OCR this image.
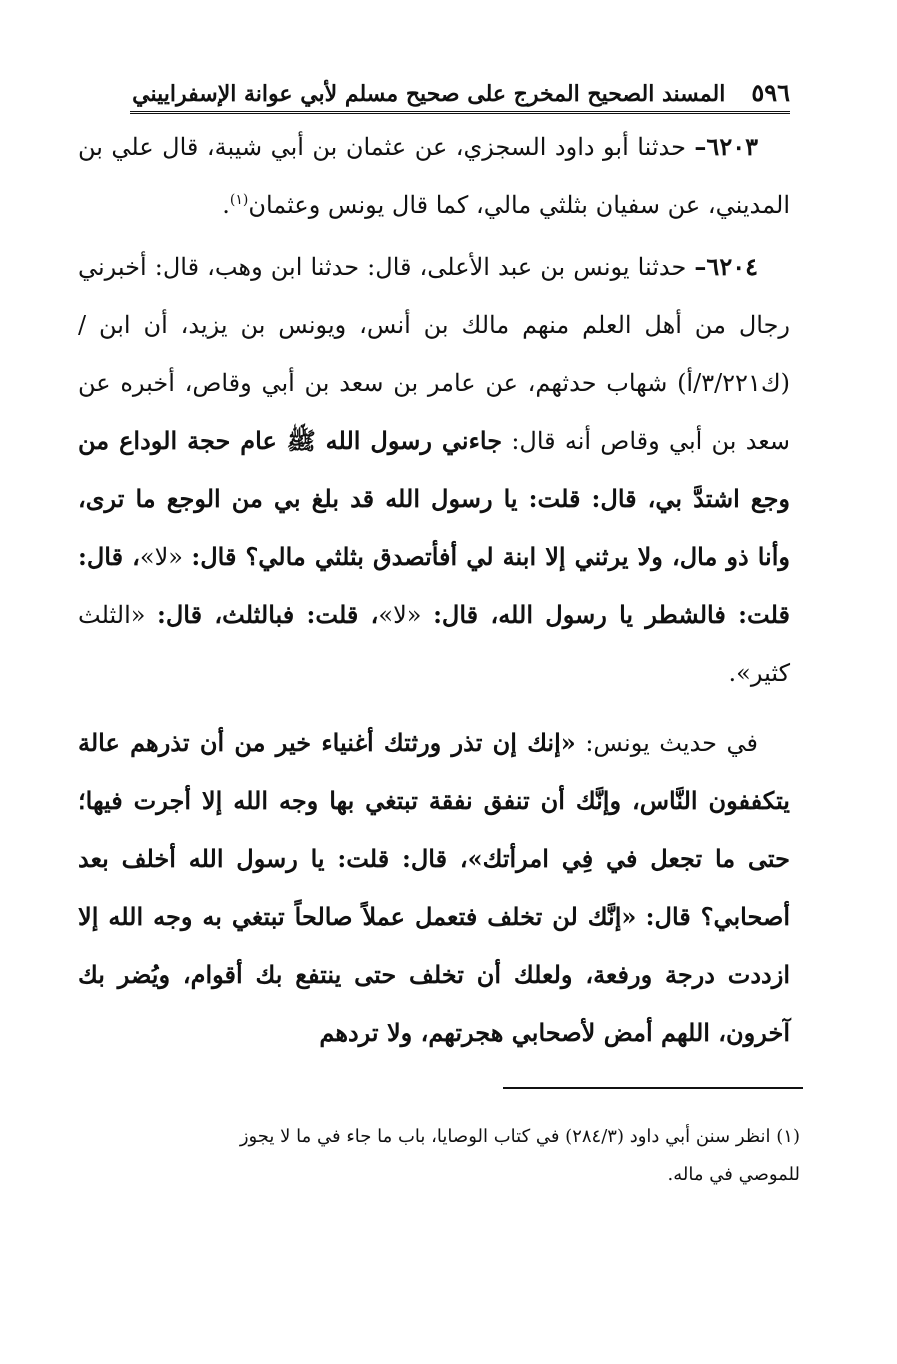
٥٩٦
المسند الصحيح المخرج على صحيح مسلم لأبي عوانة الإسفراييني

٦٢٠٣– حدثنا أبو داود السجزي، عن عثمان بن أبي شيبة، قال علي بن المديني، عن سفيان بثلثي مالي، كما قال يونس وعثمان$^{(١)}$.

٦٢٠٤– حدثنا يونس بن عبد الأعلى، قال: حدثنا ابن وهب، قال: أخبرني رجال من أهل العلم منهم مالك بن أنس، ويونس بن يزيد، أن ابن / (ك٣/٢٢١/أ) شهاب حدثهم، عن عامر بن سعد بن أبي وقاص، أخبره عن سعد بن أبي وقاص أنه قال: جاءني رسول الله ﷺ عام حجة الوداع من وجع اشتدَّ بي، قال: قلت: يا رسول الله قد بلغ بي من الوجع ما ترى، وأنا ذو مال، ولا يرثني إلا ابنة لي أفأتصدق بثلثي مالي؟ قال: «لا»، قال: قلت: فالشطر يا رسول الله، قال: «لا»، قلت: فبالثلث، قال: «الثلث كثير».

في حديث يونس: «إنك إن تذر ورثتك أغنياء خير من أن تذرهم عالة يتكففون النَّاس، وإنَّك أن تنفق نفقة تبتغي بها وجه الله إلا أجرت فيها؛ حتى ما تجعل في فِي امرأتك»، قال: قلت: يا رسول الله أخلف بعد أصحابي؟ قال: «إنَّك لن تخلف فتعمل عملاً صالحاً تبتغي به وجه الله إلا ازددت درجة ورفعة، ولعلك أن تخلف حتى ينتفع بك أقوام، ويُضر بك آخرون، اللهم أمض لأصحابي هجرتهم، ولا تردهم

(١) انظر سنن أبي داود (٢٨٤/٣) في كتاب الوصايا، باب ما جاء في ما لا يجوز

للموصي في ماله.
